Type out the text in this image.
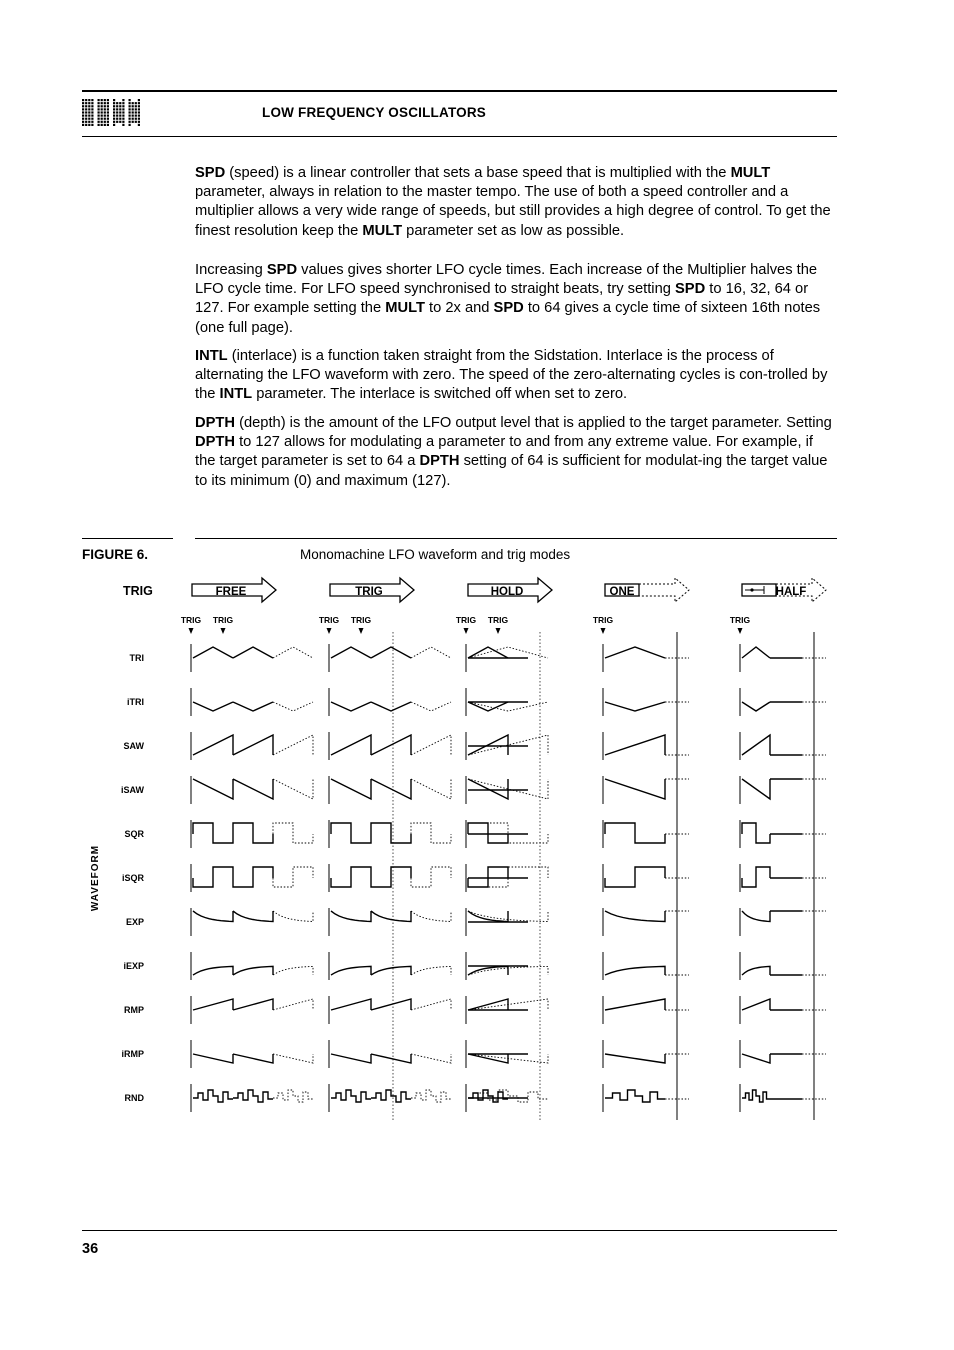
LOW FREQUENCY OSCILLATORS

SPD (speed) is a linear controller that sets a base speed that is multiplied with the MULT parameter, always in relation to the master tempo. The use of both a speed controller and a multiplier allows a very wide range of speeds, but still provides a high degree of control. To get the finest resolution keep the MULT parameter set as low as possible.

Increasing SPD values gives shorter LFO cycle times. Each increase of the Multiplier halves the LFO cycle time. For LFO speed synchronised to straight beats, try setting SPD to 16, 32, 64 or 127. For example setting the MULT to 2x and SPD to 64 gives a cycle time of sixteen 16th notes (one full page).

INTL (interlace) is a function taken straight from the Sidstation. Interlace is the process of alternating the LFO waveform with zero. The speed of the zero-alternating cycles is con-trolled by the INTL parameter. The interlace is switched off when set to zero.

DPTH (depth) is the amount of the LFO output level that is applied to the target parameter. Setting DPTH to 127 allows for modulating a parameter to and from any extreme value. For example, if the target parameter is set to 64 a DPTH setting of 64 is sufficient for modulat-ing the target value to its minimum (0) and maximum (127).

FIGURE 6.	Monomachine LFO waveform and trig modes
TRIG
WAVEFORM
FREE
TRIG TRIG
TRIG
TRIG TRIG
HOLD
TRIG TRIG
ONE
TRIG
HALF
TRIG
TRI
iTRI
SAW
iSAW
SQR
iSQR
EXP
iEXP
RMP
iRMP
RND
36
